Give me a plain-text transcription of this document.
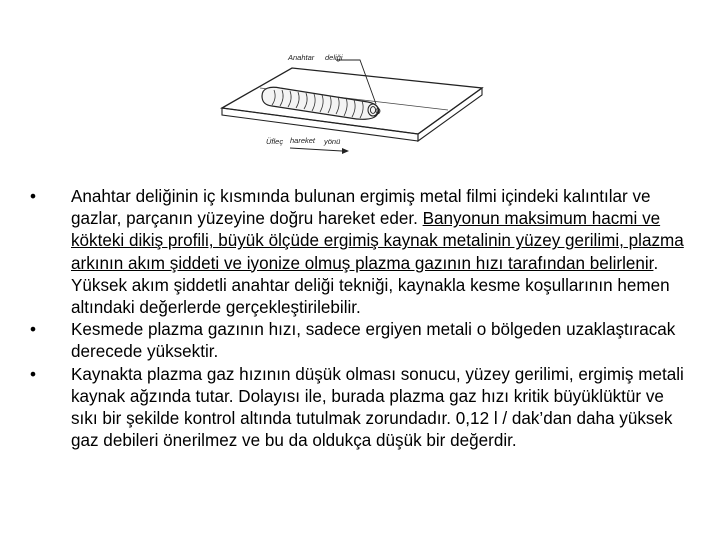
Anahtar deliği
Üfleç hareket yönü
• Anahtar deliğinin iç kısmında bulunan ergimiş metal filmi içindeki kalıntılar ve gazlar, parçanın yüzeyine doğru hareket eder. Banyonun maksimum hacmi ve kökteki dikiş profili, büyük ölçüde ergimiş kaynak metalinin yüzey gerilimi, plazma arkının akım şiddeti ve iyonize olmuş plazma gazının hızı tarafından belirlenir. Yüksek akım şiddetli anahtar deliği tekniği, kaynakla kesme koşullarının hemen altındaki değerlerde gerçekleştirilebilir.
• Kesmede plazma gazının hızı, sadece ergiyen metali o bölgeden uzaklaştıracak derecede yüksektir.
• Kaynakta plazma gaz hızının düşük olması sonucu, yüzey gerilimi, ergimiş metali kaynak ağzında tutar. Dolayısı ile, burada plazma gaz hızı kritik büyüklüktür ve sıkı bir şekilde kontrol altında tutulmak zorundadır. 0,12 l / dak’dan daha yüksek gaz debileri önerilmez ve bu da oldukça düşük bir değerdir.
